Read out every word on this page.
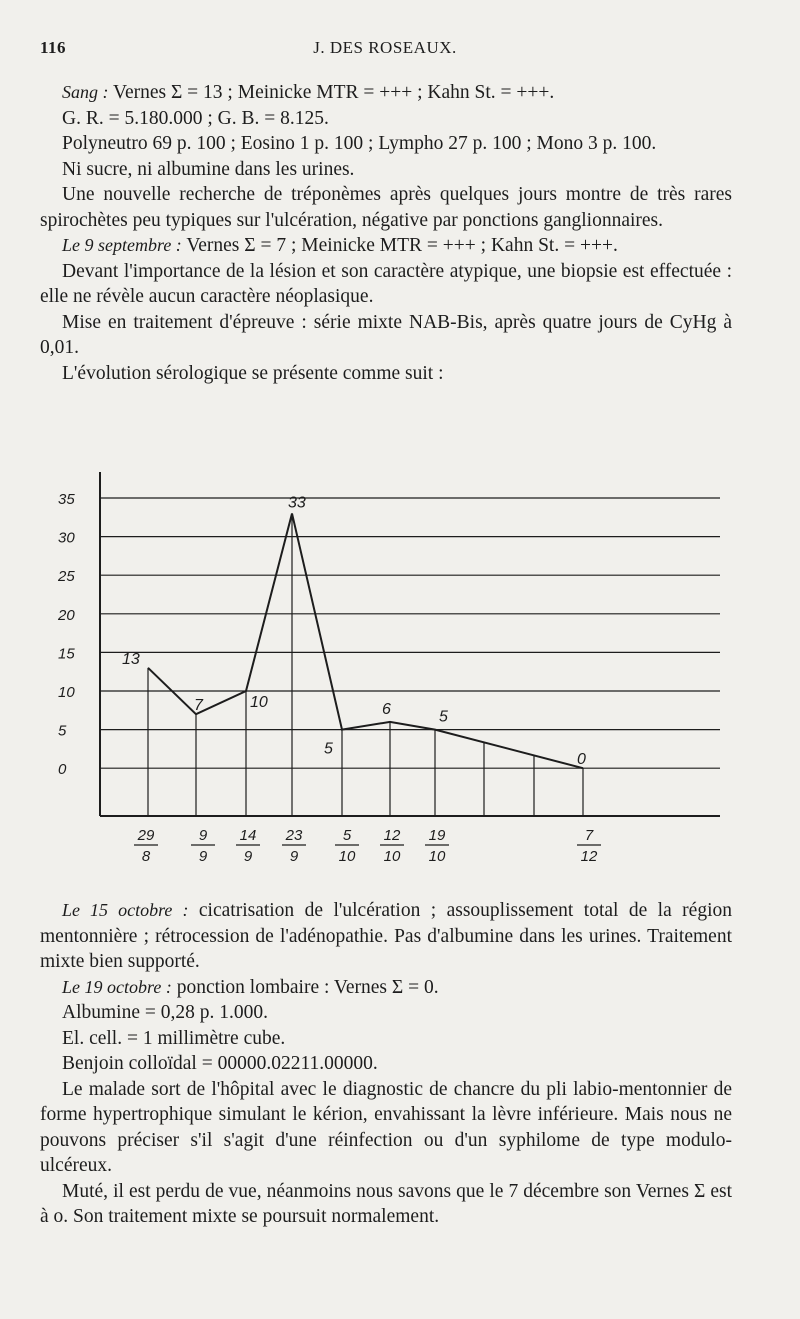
116	J. DES ROSEAUX.

Sang : Vernes Σ = 13 ; Meinicke MTR = +++ ; Kahn St. = +++.

G. R. = 5.180.000 ; G. B. = 8.125.

Polyneutro 69 p. 100 ; Eosino 1 p. 100 ; Lympho 27 p. 100 ; Mono 3 p. 100.

Ni sucre, ni albumine dans les urines.

Une nouvelle recherche de tréponèmes après quelques jours montre de très rares spirochètes peu typiques sur l'ulcération, négative par ponctions ganglionnaires.

Le 9 septembre : Vernes Σ = 7 ; Meinicke MTR = +++ ; Kahn St. = +++.

Devant l'importance de la lésion et son caractère atypique, une biopsie est effectuée : elle ne révèle aucun caractère néoplasique.

Mise en traitement d'épreuve : série mixte NAB-Bis, après quatre jours de CyHg à 0,01.

L'évolution sérologique se présente comme suit :

35
30
25
20
15
10
5
0
13
7	10
33
5
6	5
0
29
8
9
9
14
9
23
9
5
10
12
10
19
10
7
12

Le 15 octobre : cicatrisation de l'ulcération ; assouplissement total de la région mentonnière ; rétrocession de l'adénopathie. Pas d'albumine dans les urines. Traitement mixte bien supporté.

Le 19 octobre : ponction lombaire : Vernes Σ = 0.

Albumine = 0,28 p. 1.000.

El. cell. = 1 millimètre cube.

Benjoin colloïdal = 00000.02211.00000.

Le malade sort de l'hôpital avec le diagnostic de chancre du pli labio-mentonnier de forme hypertrophique simulant le kérion, envahissant la lèvre inférieure. Mais nous ne pouvons préciser s'il s'agit d'une réinfection ou d'un syphilome de type modulo-ulcéreux.

Muté, il est perdu de vue, néanmoins nous savons que le 7 décembre son Vernes Σ est à o. Son traitement mixte se poursuit normalement.
